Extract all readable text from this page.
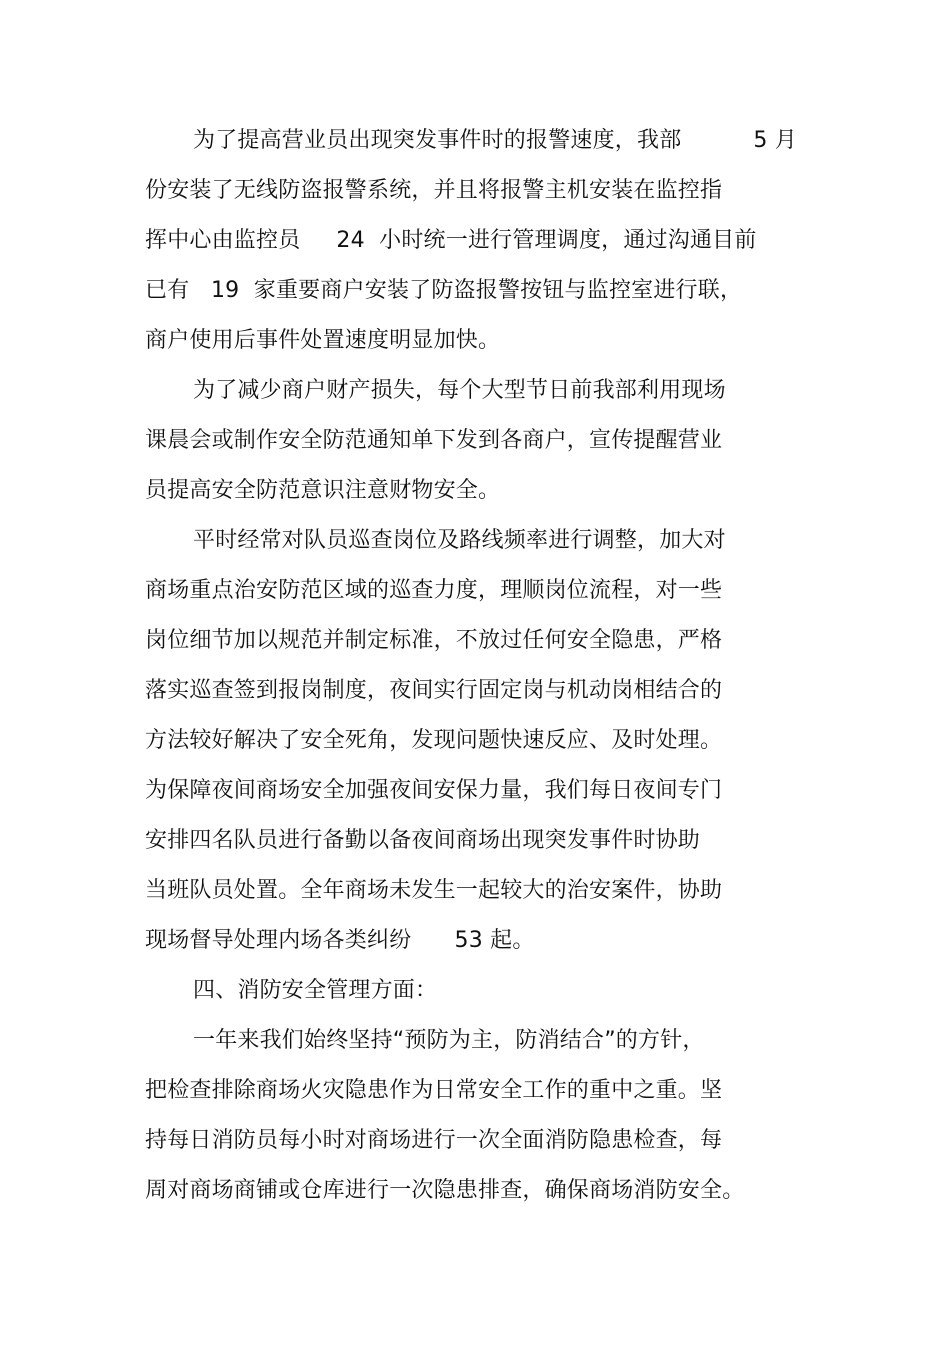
为了提高营业员出现突发事件时的报警速度，我部          5 月
份安装了无线防盗报警系统，并且将报警主机安装在监控指
挥中心由监控员     24  小时统一进行管理调度，通过沟通目前
已有   19  家重要商户安装了防盗报警按钮与监控室进行联，
商户使用后事件处置速度明显加快。
为了减少商户财产损失，每个大型节日前我部利用现场
课晨会或制作安全防范通知单下发到各商户，宣传提醒营业
员提高安全防范意识注意财物安全。
平时经常对队员巡查岗位及路线频率进行调整，加大对
商场重点治安防范区域的巡查力度，理顺岗位流程，对一些
岗位细节加以规范并制定标准，不放过任何安全隐患，严格
落实巡查签到报岗制度，夜间实行固定岗与机动岗相结合的
方法较好解决了安全死角，发现问题快速反应、及时处理。
为保障夜间商场安全加强夜间安保力量，我们每日夜间专门
安排四名队员进行备勤以备夜间商场出现突发事件时协助
当班队员处置。全年商场未发生一起较大的治安案件，协助
现场督导处理内场各类纠纷      53 起。
四、消防安全管理方面：
一年来我们始终坚持“预防为主，防消结合”的方针，
把检查排除商场火灾隐患作为日常安全工作的重中之重。坚
持每日消防员每小时对商场进行一次全面消防隐患检查，每
周对商场商铺或仓库进行一次隐患排查，确保商场消防安全。
